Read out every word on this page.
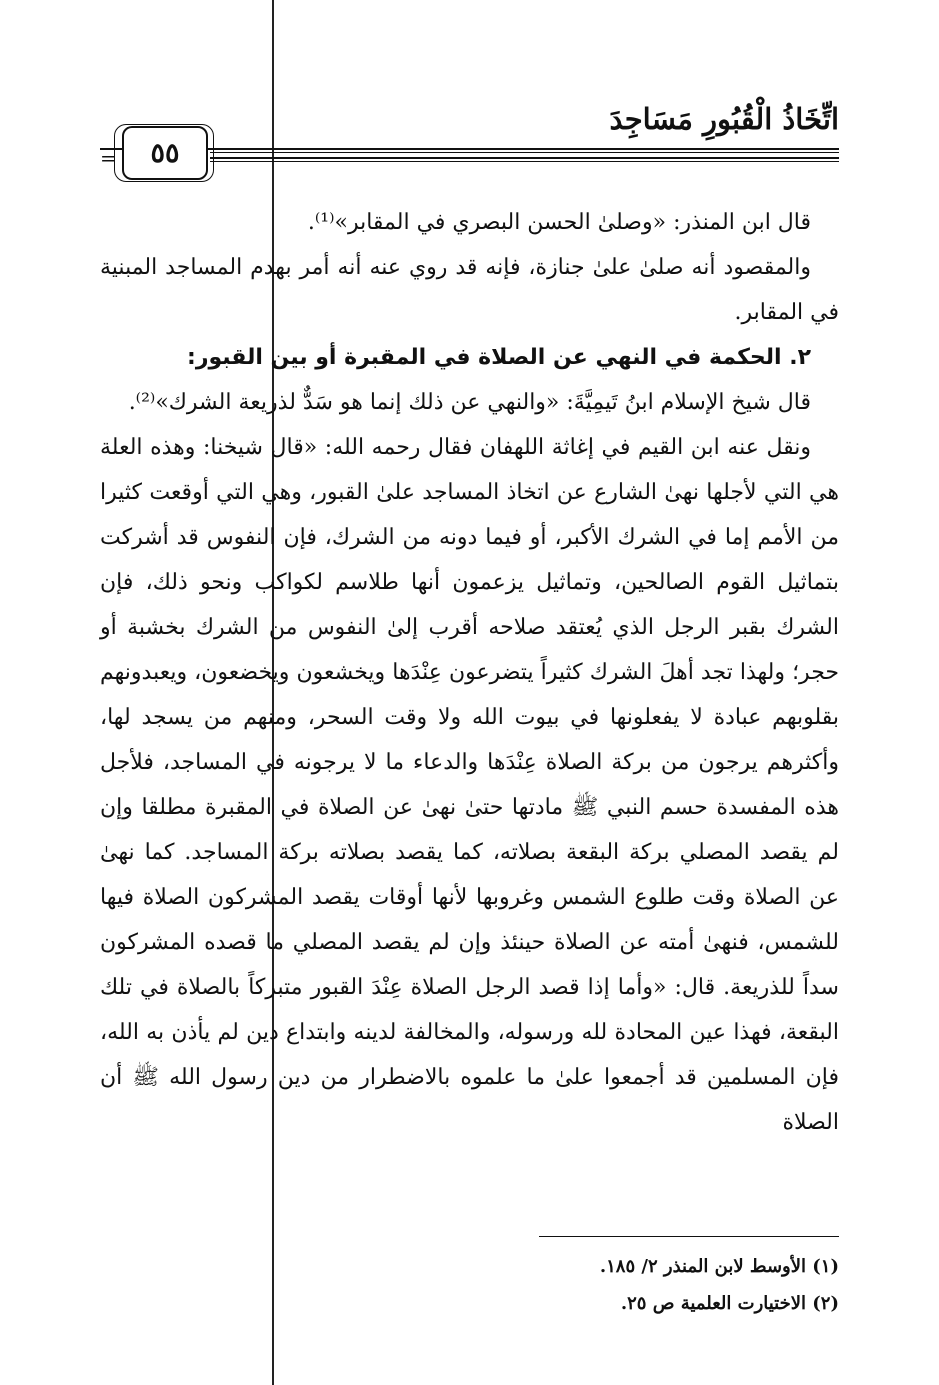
اتِّخَاذُ الْقُبُورِ مَسَاجِدَ
= ٥٥

قال ابن المنذر: «وصلىٰ الحسن البصري في المقابر»⁽¹⁾.

والمقصود أنه صلىٰ علىٰ جنازة، فإنه قد روي عنه أنه أمر بهدم المساجد المبنية في المقابر.

٢. الحكمة في النهي عن الصلاة في المقبرة أو بين القبور:

قال شيخ الإسلام ابنُ تَيمِيَّةَ: «والنهي عن ذلك إنما هو سَدٌّ لذريعة الشرك»⁽²⁾.

ونقل عنه ابن القيم في إغاثة اللهفان فقال رحمه الله: «قال شيخنا: وهذه العلة هي التي لأجلها نهىٰ الشارع عن اتخاذ المساجد علىٰ القبور، وهي التي أوقعت كثيرا من الأمم إما في الشرك الأكبر، أو فيما دونه من الشرك، فإن النفوس قد أشركت بتماثيل القوم الصالحين، وتماثيل يزعمون أنها طلاسم لكواكب ونحو ذلك، فإن الشرك بقبر الرجل الذي يُعتقد صلاحه أقرب إلىٰ النفوس من الشرك بخشبة أو حجر؛ ولهذا تجد أهلَ الشرك كثيراً يتضرعون عِنْدَها ويخشعون ويخضعون، ويعبدونهم بقلوبهم عبادة لا يفعلونها في بيوت الله ولا وقت السحر، ومنهم من يسجد لها، وأكثرهم يرجون من بركة الصلاة عِنْدَها والدعاء ما لا يرجونه في المساجد، فلأجل هذه المفسدة حسم النبي ﷺ مادتها حتىٰ نهىٰ عن الصلاة في المقبرة مطلقا وإن لم يقصد المصلي بركة البقعة بصلاته، كما يقصد بصلاته بركة المساجد. كما نهىٰ عن الصلاة وقت طلوع الشمس وغروبها لأنها أوقات يقصد المشركون الصلاة فيها للشمس، فنهىٰ أمته عن الصلاة حينئذ وإن لم يقصد المصلي ما قصده المشركون سداً للذريعة. قال: «وأما إذا قصد الرجل الصلاة عِنْدَ القبور متبركاً بالصلاة في تلك البقعة، فهذا عين المحادة لله ورسوله، والمخالفة لدينه وابتداع دين لم يأذن به الله، فإن المسلمين قد أجمعوا علىٰ ما علموه بالاضطرار من دين رسول الله ﷺ أن الصلاة

(١) الأوسط لابن المنذر ٢/ ١٨٥.

(٢) الاختيارت العلمية ص ٢٥.
